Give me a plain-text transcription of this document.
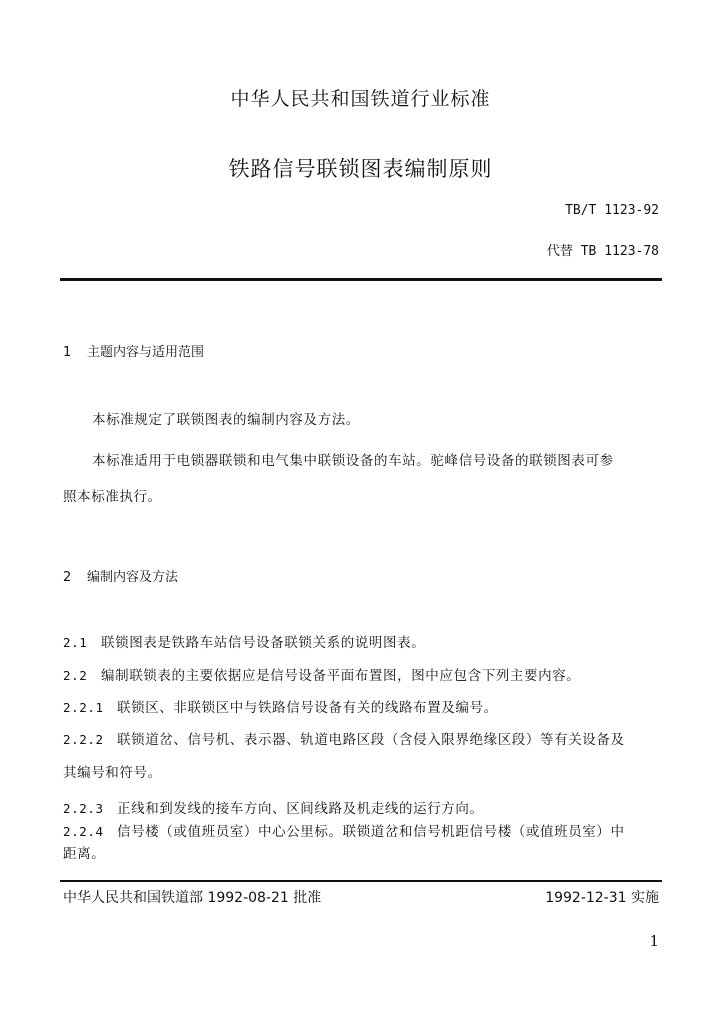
中华人民共和国铁道行业标准
铁路信号联锁图表编制原则
TB/T 1123-92
代替 TB 1123-78
1 主题内容与适用范围
本标准规定了联锁图表的编制内容及方法。
本标准适用于电锁器联锁和电气集中联锁设备的车站。驼峰信号设备的联锁图表可参
照本标准执行。
2 编制内容及方法
2.1 联锁图表是铁路车站信号设备联锁关系的说明图表。
2.2 编制联锁表的主要依据应是信号设备平面布置图，图中应包含下列主要内容。
2.2.1 联锁区、非联锁区中与铁路信号设备有关的线路布置及编号。
2.2.2 联锁道岔、信号机、表示器、轨道电路区段（含侵入限界绝缘区段）等有关设备及
其编号和符号。
2.2.3 正线和到发线的接车方向、区间线路及机走线的运行方向。
2.2.4 信号楼（或值班员室）中心公里标。联锁道岔和信号机距信号楼（或值班员室）中
距离。
中华人民共和国铁道部 1992-08-21 批准	1992-12-31 实施
1
